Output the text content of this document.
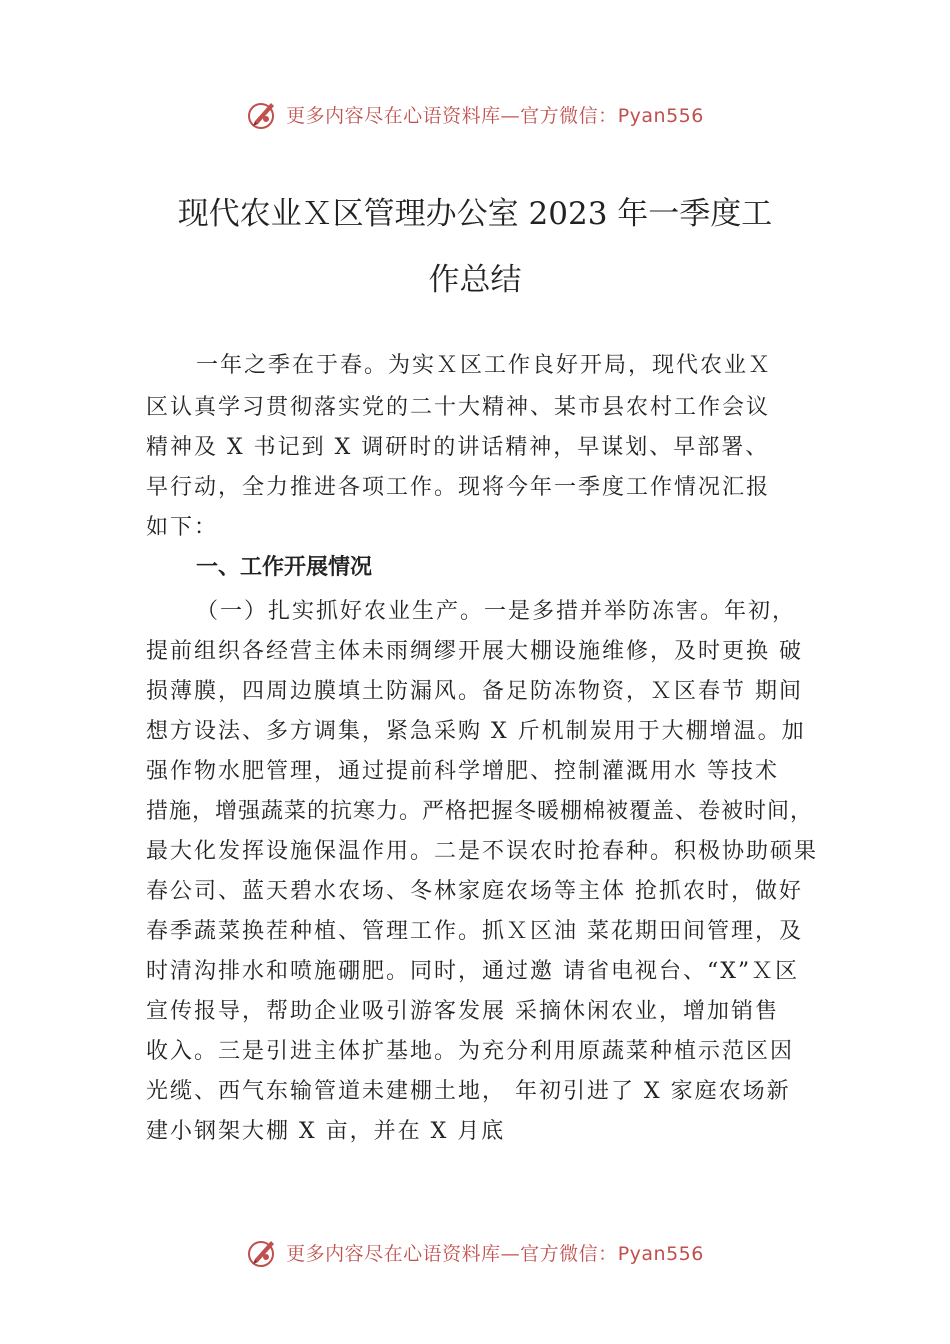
更多内容尽在心语资料库—官方微信：Pyan556
现代农业Ｘ区管理办公室 2023 年一季度工
作总结
一年之季在于春。为实Ｘ区工作良好开局，现代农业Ｘ
区认真学习贯彻落实党的二十大精神、某市县农村工作会议
精神及 X 书记到 X 调研时的讲话精神，早谋划、早部署、
早行动，全力推进各项工作。现将今年一季度工作情况汇报
如下：
一、工作开展情况
（一）扎实抓好农业生产。一是多措并举防冻害。年初，
提前组织各经营主体未雨绸缪开展大棚设施维修，及时更换 破
损薄膜，四周边膜填土防漏风。备足防冻物资，Ｘ区春节 期间
想方设法、多方调集，紧急采购 X 斤机制炭用于大棚增温。加
强作物水肥管理，通过提前科学增肥、控制灌溉用水 等技术
措施，增强蔬菜的抗寒力。严格把握冬暖棚棉被覆盖、卷被时间，
最大化发挥设施保温作用。二是不误农时抢春种。积极协助硕果
春公司、蓝天碧水农场、冬林家庭农场等主体 抢抓农时，做好
春季蔬菜换茬种植、管理工作。抓Ｘ区油 菜花期田间管理，及
时清沟排水和喷施硼肥。同时，通过邀 请省电视台、“X”Ｘ区
宣传报导，帮助企业吸引游客发展 采摘休闲农业，增加销售
收入。三是引进主体扩基地。为充分利用原蔬菜种植示范区因
光缆、西气东输管道未建棚土地， 年初引进了 X 家庭农场新
建小钢架大棚 X 亩，并在 X 月底
更多内容尽在心语资料库—官方微信：Pyan556
